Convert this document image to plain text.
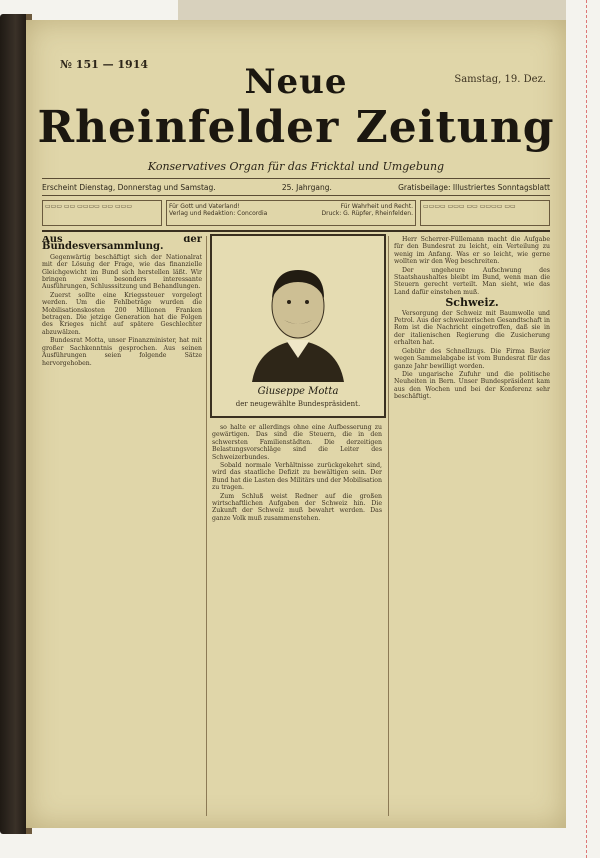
№ 151 — 1914
Samstag, 19. Dez.
Neue
Rheinfelder Zeitung
Konservatives Organ für das Fricktal und Umgebung
Erscheint Dienstag, Donnerstag und Samstag.	25. Jahrgang.	Gratisbeilage: Illustriertes Sonntagsblatt
▭▭▭ ▭▭ ▭▭▭▭ ▭▭ ▭▭▭	Für Gott und Vaterland!	Für Wahrheit und Recht.
Verlag und Redaktion: Concordia	Druck: G. Rüpfer, Rheinfelden.
▭▭▭▭ ▭▭▭ ▭▭ ▭▭▭▭ ▭▭
Aus der Bundesversammlung.

Gegenwärtig beschäftigt sich der Nationalrat mit der Lösung der Frage, wie das finanzielle Gleichgewicht im Bund sich herstellen läßt. Wir bringen zwei besonders interessante Ausführungen, Schlusssitzung und Behandlungen.

Zuerst sollte eine Kriegssteuer vorgelegt werden. Um die Fehlbeträge wurden die Mobilisationskosten 200 Millionen Franken betragen. Die jetzige Generation hat die Folgen des Krieges nicht auf spätere Geschlechter abzuwälzen.

Bundesrat Motta, unser Finanzminister, hat mit großer Sachkenntnis gesprochen. Aus seinen Ausführungen seien folgende Sätze hervorgehoben.

Giuseppe Motta
der neugewählte Bundespräsident.

so halte er allerdings ohne eine Aufbesserung zu gewärtigen. Das sind die Steuern, die in den schwersten Familienstädten. Die derzeitigen Belastungsvorschläge sind die Leiter des Schweizerbundes.

Sobald normale Verhältnisse zurückgekehrt sind, wird das staatliche Defizit zu bewältigen sein. Der Bund hat die Lasten des Militärs und der Mobilisation zu tragen.

Zum Schluß weist Redner auf die großen wirtschaftlichen Aufgaben der Schweiz hin. Die Zukunft der Schweiz muß bewahrt werden. Das ganze Volk muß zusammenstehen.

Herr Scherrer-Füllemann macht die Aufgabe für den Bundesrat zu leicht, ein Verteilung zu wenig im Anfang. Was er so leicht, wie gerne wollten wir den Weg beschreiten.

Der ungeheure Aufschwung des Staatshaushaltes bleibt im Bund, wenn man die Steuern gerecht verteilt. Man sieht, wie das Land dafür einstehen muß.

Schweiz.

Versorgung der Schweiz mit Baumwolle und Petrol. Aus der schweizerischen Gesandtschaft in Rom ist die Nachricht eingetroffen, daß sie in der italienischen Regierung die Zusicherung erhalten hat.

Gebühr des Schnellzugs. Die Firma Bavier wegen Sammelabgabe ist vom Bundesrat für das ganze Jahr bewilligt worden.

Die ungarische Zufuhr und die politische Neuheiten in Bern. Unser Bundespräsident kam aus den Wochen und bei der Konferenz sehr beschäftigt.
